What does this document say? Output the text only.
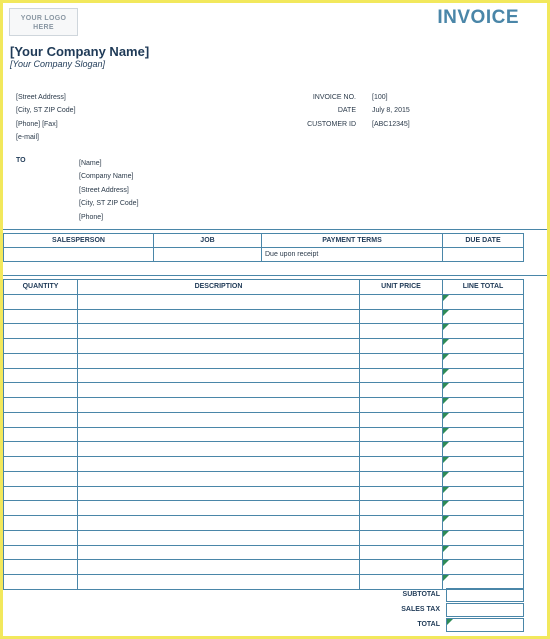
YOUR LOGO
HERE	INVOICE
[Your Company Name]
[Your Company Slogan]
[Street Address]
[City, ST ZIP Code]
[Phone] [Fax]
[e-mail]
INVOICE NO. [100]
DATE July 8, 2015
CUSTOMER ID [ABC12345]
TO	[Name]
[Company Name]
[Street Address]
[City, ST ZIP Code]
[Phone]
SALESPERSON	JOB	PAYMENT TERMS	DUE DATE
		Due upon receipt	
QUANTITY	DESCRIPTION	UNIT PRICE	LINE TOTAL

SUBTOTAL
SALES TAX
TOTAL
